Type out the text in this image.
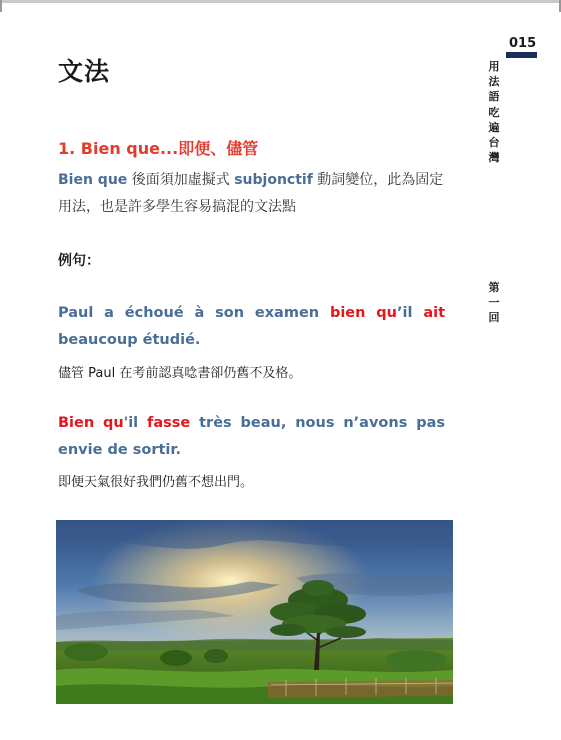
文法
015
用法語吃遍台灣
第一回
1. Bien que...即便、儘管
Bien que 後面須加虛擬式 subjonctif 動詞變位，此為固定用法，也是許多學生容易搞混的文法點
例句：
Paul a échoué à son examen bien qu’il ait beaucoup étudié.
儘管 Paul 在考前認真唸書卻仍舊不及格。
Bien qu'il fasse très beau, nous n’avons pas envie de sortir.
即便天氣很好我們仍舊不想出門。
